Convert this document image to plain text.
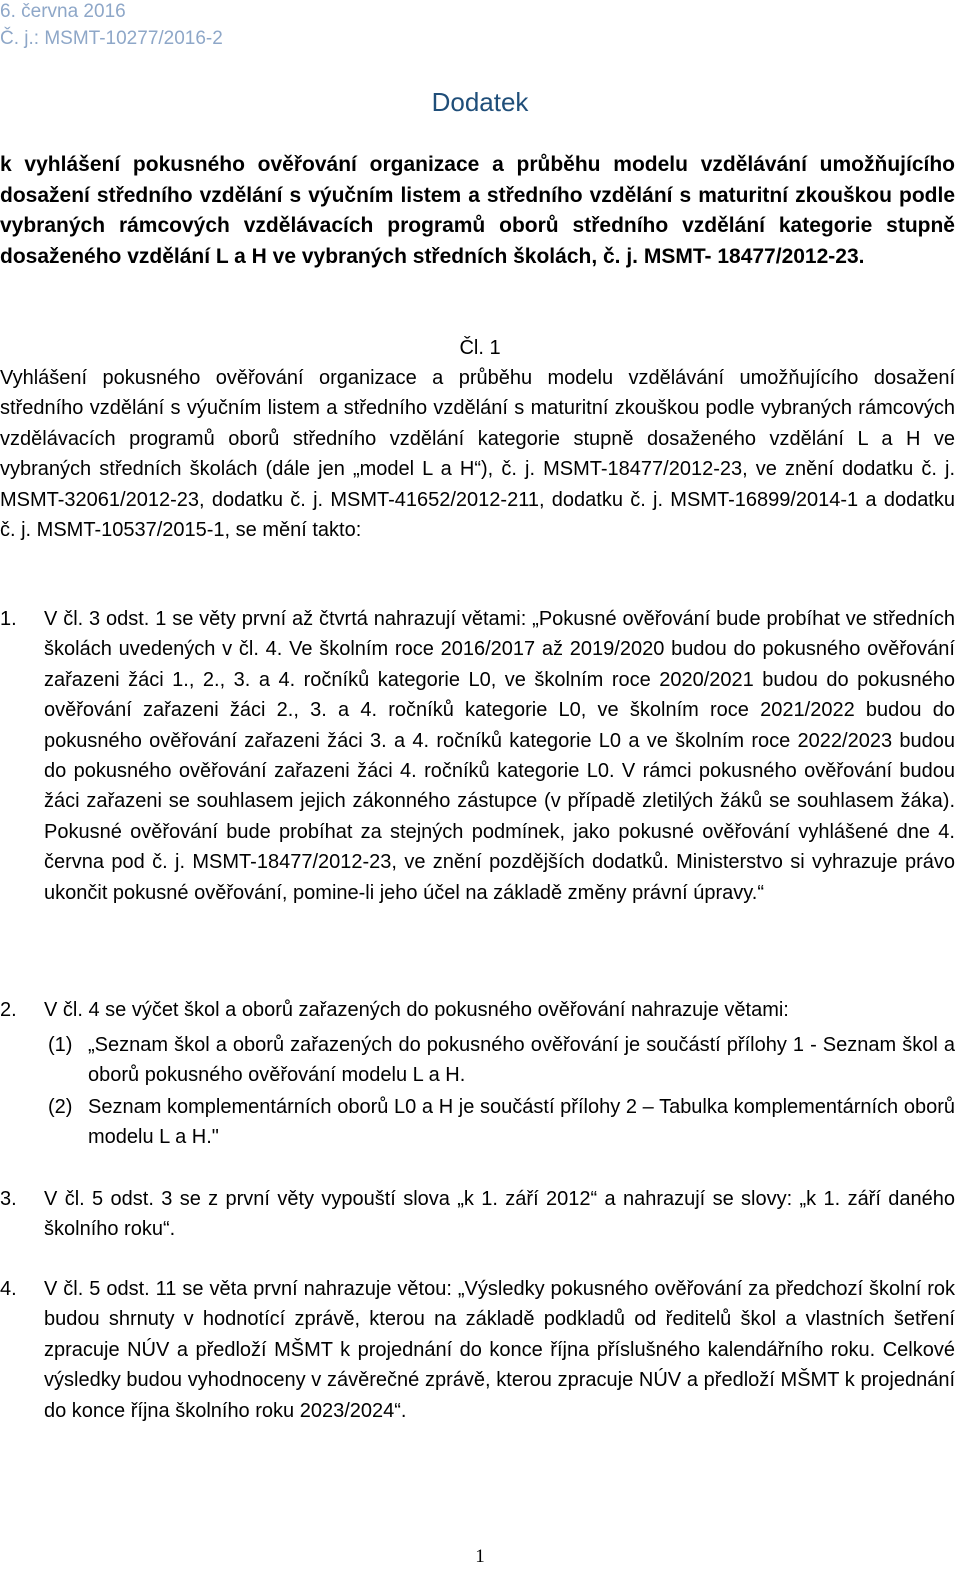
6. června 2016
Č. j.: MSMT-10277/2016-2
Dodatek
k vyhlášení pokusného ověřování organizace a průběhu modelu vzdělávání umožňujícího dosažení středního vzdělání s výučním listem a středního vzdělání s maturitní zkouškou podle vybraných rámcových vzdělávacích programů oborů středního vzdělání kategorie stupně dosaženého vzdělání L a H ve vybraných středních školách, č. j. MSMT- 18477/2012-23.
Čl. 1
Vyhlášení pokusného ověřování organizace a průběhu modelu vzdělávání umožňujícího dosažení středního vzdělání s výučním listem a středního vzdělání s maturitní zkouškou podle vybraných rámcových vzdělávacích programů oborů středního vzdělání kategorie stupně dosaženého vzdělání L a H ve vybraných středních školách (dále jen „model L a H“), č. j. MSMT-18477/2012-23, ve znění dodatku č. j. MSMT-32061/2012-23, dodatku č. j. MSMT-41652/2012-211, dodatku č. j. MSMT-16899/2014-1 a dodatku č. j. MSMT-10537/2015-1, se mění takto:
1. V čl. 3 odst. 1 se věty první až čtvrtá nahrazují větami: „Pokusné ověřování bude probíhat ve středních školách uvedených v čl. 4. Ve školním roce 2016/2017 až 2019/2020 budou do pokusného ověřování zařazeni žáci 1., 2., 3. a 4. ročníků kategorie L0, ve školním roce 2020/2021 budou do pokusného ověřování zařazeni žáci 2., 3. a 4. ročníků kategorie L0, ve školním roce 2021/2022 budou do pokusného ověřování zařazeni žáci 3. a 4. ročníků kategorie L0 a ve školním roce 2022/2023 budou do pokusného ověřování zařazeni žáci 4. ročníků kategorie L0. V rámci pokusného ověřování budou žáci zařazeni se souhlasem jejich zákonného zástupce (v případě zletilých žáků se souhlasem žáka). Pokusné ověřování bude probíhat za stejných podmínek, jako pokusné ověřování vyhlášené dne 4. června pod č. j. MSMT-18477/2012-23, ve znění pozdějších dodatků. Ministerstvo si vyhrazuje právo ukončit pokusné ověřování, pomine-li jeho účel na základě změny právní úpravy.“
2. V čl. 4 se výčet škol a oborů zařazených do pokusného ověřování nahrazuje větami:
(1) „Seznam škol a oborů zařazených do pokusného ověřování je součástí přílohy 1 - Seznam škol a oborů pokusného ověřování modelu L a H.
(2) Seznam komplementárních oborů L0 a H je součástí přílohy 2 – Tabulka komplementárních oborů modelu L a H."
3. V čl. 5 odst. 3 se z první věty vypouští slova „k 1. září 2012“ a nahrazují se slovy: „k 1. září daného školního roku“.
4. V čl. 5 odst. 11 se věta první nahrazuje větou: „Výsledky pokusného ověřování za předchozí školní rok budou shrnuty v hodnotící zprávě, kterou na základě podkladů od ředitelů škol a vlastních šetření zpracuje NÚV a předloží MŠMT k projednání do konce října příslušného kalendářního roku. Celkové výsledky budou vyhodnoceny v závěrečné zprávě, kterou zpracuje NÚV a předloží MŠMT k projednání do konce října školního roku 2023/2024“.
1
